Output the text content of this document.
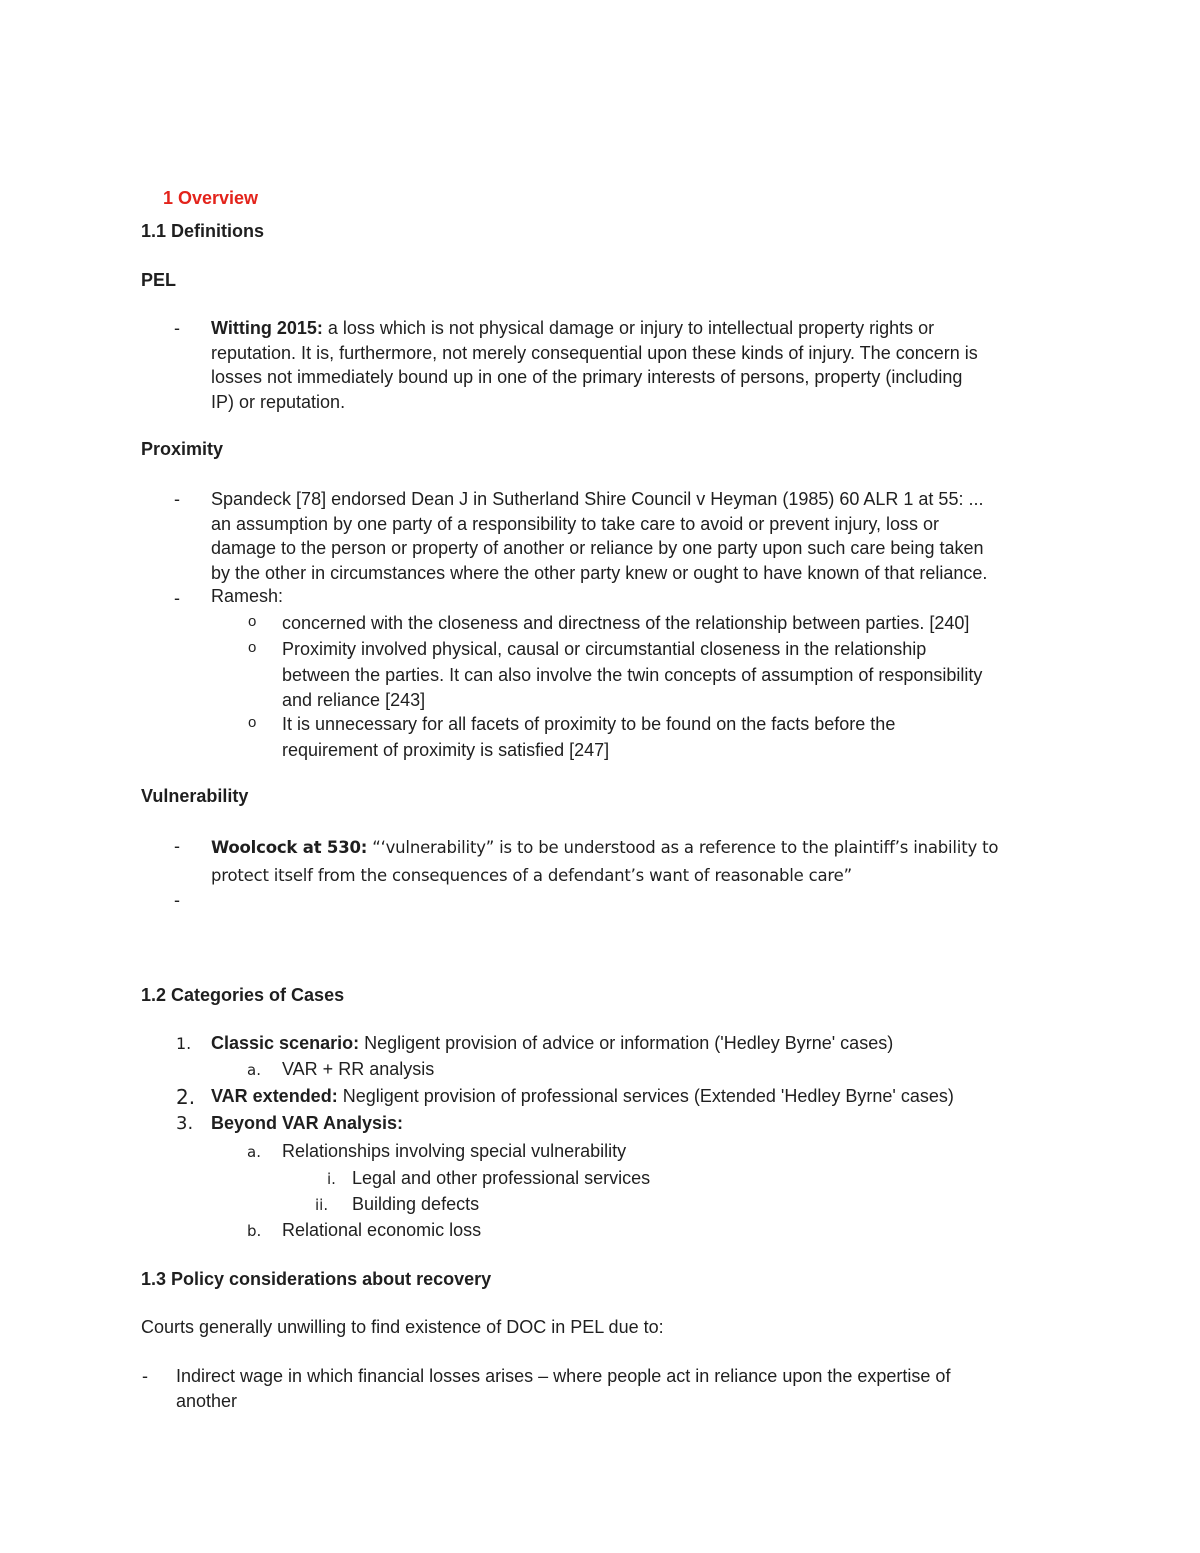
1 Overview
1.1 Definitions
PEL
- Witting 2015: a loss which is not physical damage or injury to intellectual property rights or
reputation. It is, furthermore, not merely consequential upon these kinds of injury. The concern is
losses not immediately bound up in one of the primary interests of persons, property (including
IP) or reputation.
Proximity
- Spandeck [78] endorsed Dean J in Sutherland Shire Council v Heyman (1985) 60 ALR 1 at 55: ...
an assumption by one party of a responsibility to take care to avoid or prevent injury, loss or
damage to the person or property of another or reliance by one party upon such care being taken
by the other in circumstances where the other party knew or ought to have known of that reliance.
- Ramesh:
o concerned with the closeness and directness of the relationship between parties. [240]
o Proximity involved physical, causal or circumstantial closeness in the relationship
between the parties. It can also involve the twin concepts of assumption of responsibility
and reliance [243]
o It is unnecessary for all facets of proximity to be found on the facts before the
requirement of proximity is satisfied [247]
Vulnerability
- Woolcock at 530: “‘vulnerability” is to be understood as a reference to the plaintiff’s inability to
protect itself from the consequences of a defendant’s want of reasonable care”
-
1.2 Categories of Cases
1. Classic scenario: Negligent provision of advice or information ('Hedley Byrne' cases)
a. VAR + RR analysis
2. VAR extended: Negligent provision of professional services (Extended 'Hedley Byrne' cases)
3. Beyond VAR Analysis:
a. Relationships involving special vulnerability
i. Legal and other professional services
ii. Building defects
b. Relational economic loss
1.3 Policy considerations about recovery
Courts generally unwilling to find existence of DOC in PEL due to:
- Indirect wage in which financial losses arises – where people act in reliance upon the expertise of
another
